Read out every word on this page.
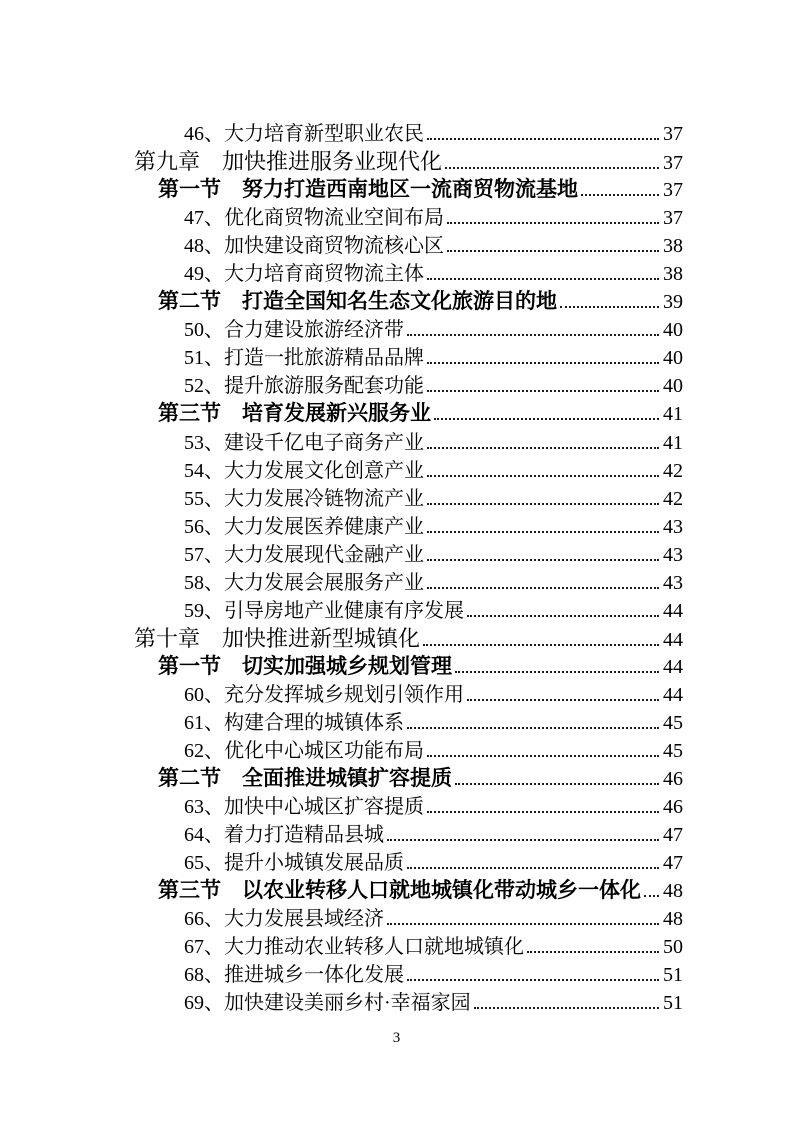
46、大力培育新型职业农民	37
第九章　加快推进服务业现代化	37
第一节　努力打造西南地区一流商贸物流基地	37
47、优化商贸物流业空间布局	37
48、加快建设商贸物流核心区	38
49、大力培育商贸物流主体	38
第二节　打造全国知名生态文化旅游目的地	39
50、合力建设旅游经济带	40
51、打造一批旅游精品品牌	40
52、提升旅游服务配套功能	40
第三节　培育发展新兴服务业	41
53、建设千亿电子商务产业	41
54、大力发展文化创意产业	42
55、大力发展冷链物流产业	42
56、大力发展医养健康产业	43
57、大力发展现代金融产业	43
58、大力发展会展服务产业	43
59、引导房地产业健康有序发展	44
第十章　加快推进新型城镇化	44
第一节　切实加强城乡规划管理	44
60、充分发挥城乡规划引领作用	44
61、构建合理的城镇体系	45
62、优化中心城区功能布局	45
第二节　全面推进城镇扩容提质	46
63、加快中心城区扩容提质	46
64、着力打造精品县城	47
65、提升小城镇发展品质	47
第三节　以农业转移人口就地城镇化带动城乡一体化 48
66、大力发展县域经济	48
67、大力推动农业转移人口就地城镇化	50
68、推进城乡一体化发展	51
69、加快建设美丽乡村·幸福家园	51
3
